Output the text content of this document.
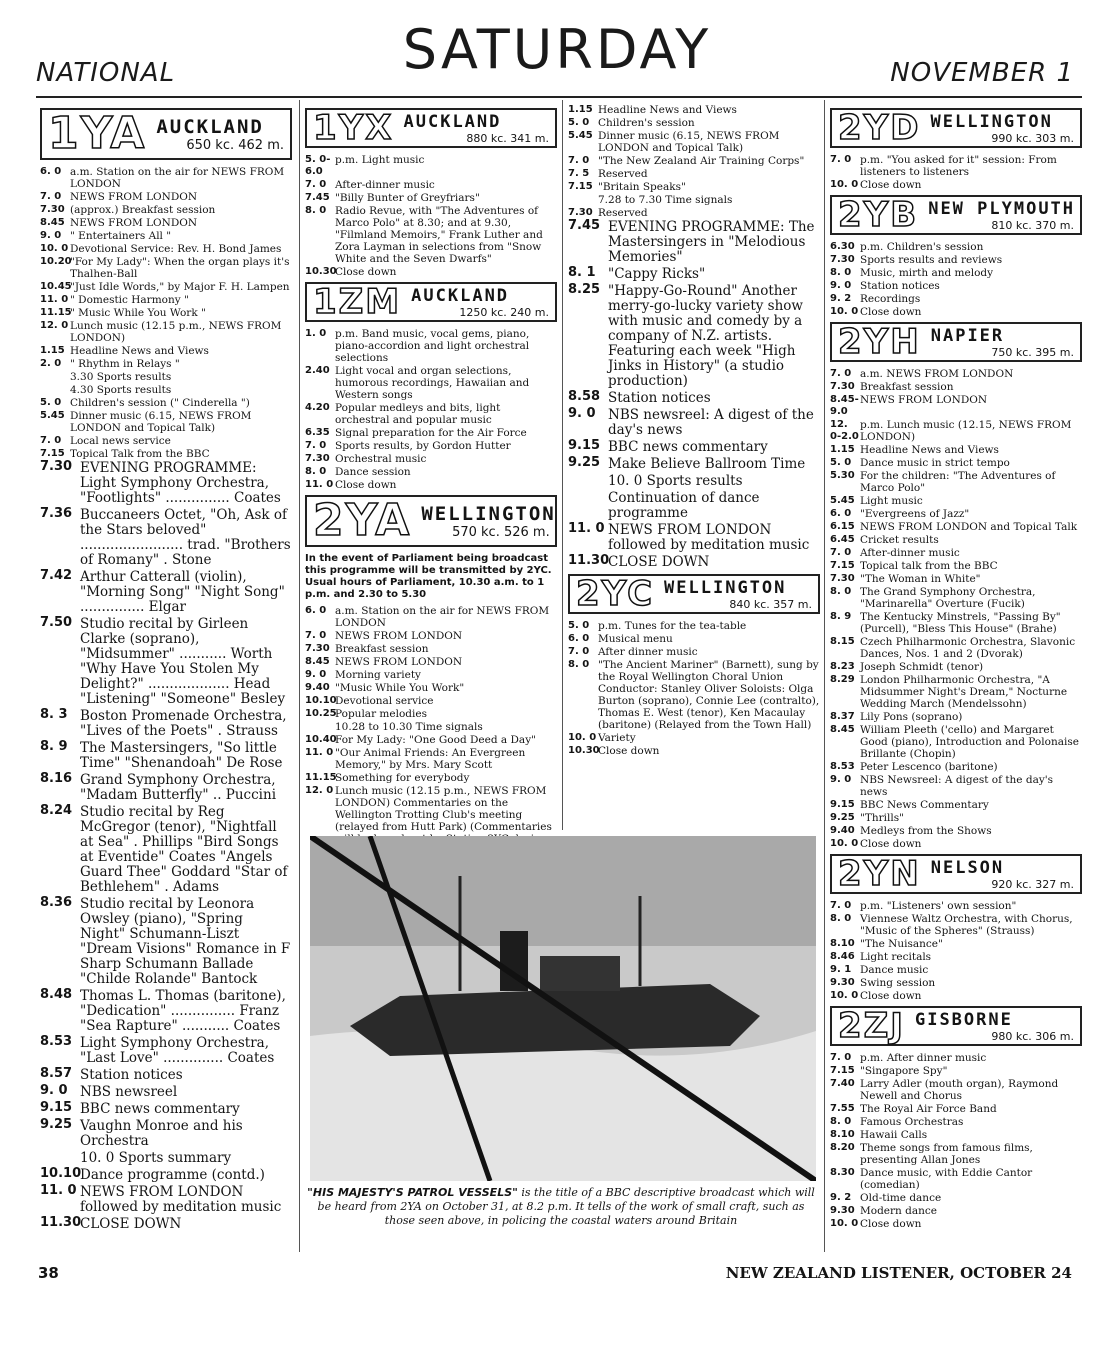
NATIONAL	SATURDAY	NOVEMBER 1
1YA AUCKLAND
650 kc. 462 m.
6. 0 a.m. Station on the air for NEWS FROM LONDON
7. 0 NEWS FROM LONDON
7.30 (approx.) Breakfast session
8.45 NEWS FROM LONDON
9. 0 " Entertainers All "
10. 0 Devotional Service: Rev. H. Bond James
10.20
"For My Lady": When the organ plays it's Thalhen-Ball
10.45
"Just Idle Words," by Major F. H. Lampen
11. 0 " Domestic Harmony "
11.15
" Music While You Work "
12. 0 Lunch music (12.15 p.m., NEWS FROM LONDON)
1.15 Headline News and Views
2. 0 " Rhythm in Relays "
3.30 Sports results
4.30 Sports results
5. 0 Children's session (" Cinderella ")
5.45 Dinner music (6.15, NEWS FROM LONDON and Topical Talk)
7. 0 Local news service
7.15 Topical Talk from the BBC
7.30 EVENING PROGRAMME: Light Symphony Orchestra, "Footlights" ............... Coates
7.36 Buccaneers Octet, "Oh, Ask of the Stars beloved" ........................ trad. "Brothers of Romany" . Stone
7.42 Arthur Catterall (violin), "Morning Song" "Night Song" ............... Elgar
7.50 Studio recital by Girleen Clarke (soprano), "Midsummer" ........... Worth "Why Have You Stolen My Delight?" ................... Head "Listening" "Someone" Besley
8. 3 Boston Promenade Orchestra, "Lives of the Poets" . Strauss
8. 9 The Mastersingers, "So little Time" "Shenandoah" De Rose
8.16 Grand Symphony Orchestra, "Madam Butterfly" .. Puccini
8.24 Studio recital by Reg McGregor (tenor), "Nightfall at Sea" . Phillips "Bird Songs at Eventide" Coates "Angels Guard Thee" Goddard "Star of Bethlehem" . Adams
8.36 Studio recital by Leonora Owsley (piano), "Spring Night" Schumann-Liszt "Dream Visions" Romance in F Sharp Schumann Ballade "Childe Rolande" Bantock
8.48 Thomas L. Thomas (baritone), "Dedication" ............... Franz "Sea Rapture" ........... Coates
8.53 Light Symphony Orchestra, "Last Love" .............. Coates
8.57 Station notices
9. 0 NBS newsreel
9.15 BBC news commentary
9.25 Vaughn Monroe and his Orchestra
10. 0 Sports summary
10.10
Dance programme (contd.)
11. 0 NEWS FROM LONDON followed by meditation music
11.30
CLOSE DOWN
1YX AUCKLAND
880 kc. 341 m.
5. 0-6.0
p.m. Light music
7. 0 After-dinner music
7.45 "Billy Bunter of Greyfriars"
8. 0 Radio Revue, with "The Adventures of Marco Polo" at 8.30; and at 9.30, "Filmland Memoirs," Frank Luther and Zora Layman in selections from "Snow White and the Seven Dwarfs"
10.30
Close down
1ZM AUCKLAND
1250 kc. 240 m.
1. 0 p.m. Band music, vocal gems, piano, piano-accordion and light orchestral selections
2.40 Light vocal and organ selections, humorous recordings, Hawaiian and Western songs
4.20 Popular medleys and bits, light orchestral and popular music
6.35 Signal preparation for the Air Force
7. 0 Sports results, by Gordon Hutter
7.30 Orchestral music
8. 0 Dance session
11. 0 Close down
2YA WELLINGTON
570 kc. 526 m.
In the event of Parliament being broadcast this programme will be transmitted by 2YC. Usual hours of Parliament, 10.30 a.m. to 1 p.m. and 2.30 to 5.30
6. 0 a.m. Station on the air for NEWS FROM LONDON
7. 0 NEWS FROM LONDON
7.30 Breakfast session
8.45 NEWS FROM LONDON
9. 0 Morning variety
9.40 "Music While You Work"
10.10
Devotional service
10.25
Popular melodies
10.28 to 10.30 Time signals
10.40
For My Lady: "One Good Deed a Day"
11. 0 "Our Animal Friends: An Evergreen Memory," by Mrs. Mary Scott
11.15
Something for everybody
12. 0 Lunch music (12.15 p.m., NEWS FROM LONDON) Commentaries on the Wellington Trotting Club's meeting (relayed from Hutt Park) (Commentaries
1.15 Headline News and Views
5. 0 Children's session
5.45 Dinner music (6.15, NEWS FROM LONDON and Topical Talk)
7. 0 "The New Zealand Air Training Corps"
7. 5 Reserved
7.15 "Britain Speaks"
7.28 to 7.30 Time signals
7.30 Reserved
7.45 EVENING PROGRAMME: The Mastersingers in "Melodious Memories"
8. 1 "Cappy Ricks"
8.25 "Happy-Go-Round" Another merry-go-lucky variety show with music and comedy by a company of N.Z. artists. Featuring each week "High Jinks in History" (a studio production)
8.58 Station notices
9. 0 NBS newsreel: A digest of the day's news
9.15 BBC news commentary
9.25 Make Believe Ballroom Time
10. 0 Sports results
Continuation of dance programme
11. 0 NEWS FROM LONDON followed by meditation music
11.30
CLOSE DOWN
2YC WELLINGTON
840 kc. 357 m.
5. 0 p.m. Tunes for the tea-table
6. 0 Musical menu
7. 0 After dinner music
8. 0 "The Ancient Mariner" (Barnett), sung by the Royal Wellington Choral Union Conductor: Stanley Oliver Soloists: Olga Burton (soprano), Connie Lee (contralto), Thomas E. West (tenor), Ken Macaulay (baritone) (Relayed from the Town Hall)
10. 0 Variety
10.30
Close down
2YD WELLINGTON
990 kc. 303 m.
7. 0 p.m. "You asked for it" session: From listeners to listeners
10. 0 Close down
2YB NEW PLYMOUTH
810 kc. 370 m.
6.30 p.m. Children's session
7.30 Sports results and reviews
8. 0 Music, mirth and melody
9. 0 Station notices
9. 2 Recordings
10. 0 Close down
2YH NAPIER
750 kc. 395 m.
7. 0 a.m. NEWS FROM LONDON
7.30 Breakfast session
8.45-9.0
NEWS FROM LONDON
12. 0-2.0
p.m. Lunch music (12.15, NEWS FROM LONDON)
1.15 Headline News and Views
5. 0 Dance music in strict tempo
5.30 For the children: "The Adventures of Marco Polo"
5.45 Light music
6. 0 "Evergreens of Jazz"
6.15 NEWS FROM LONDON and Topical Talk
6.45 Cricket results
7. 0 After-dinner music
7.15 Topical talk from the BBC
7.30 "The Woman in White"
8. 0 The Grand Symphony Orchestra, "Marinarella" Overture (Fucik)
8. 9 The Kentucky Minstrels, "Passing By" (Purcell), "Bless This House" (Brahe)
8.15 Czech Philharmonic Orchestra, Slavonic Dances, Nos. 1 and 2 (Dvorak)
8.23 Joseph Schmidt (tenor)
8.29 London Philharmonic Orchestra, "A Midsummer Night's Dream," Nocturne Wedding March (Mendelssohn)
8.37 Lily Pons (soprano)
8.45 William Pleeth ('cello) and Margaret Good (piano), Introduction and Polonaise Brillante (Chopin)
8.53 Peter Lescenco (baritone)
9. 0 NBS Newsreel: A digest of the day's news
9.15 BBC News Commentary
9.25 "Thrills"
9.40 Medleys from the Shows
10. 0 Close down
2YN NELSON
920 kc. 327 m.
7. 0 p.m. "Listeners' own session"
8. 0 Viennese Waltz Orchestra, with Chorus, "Music of the Spheres" (Strauss)
8.10 "The Nuisance"
8.46 Light recitals
9. 1 Dance music
9.30 Swing session
10. 0 Close down
2ZJ GISBORNE
980 kc. 306 m.
7. 0 p.m. After dinner music
7.15 "Singapore Spy"
7.40 Larry Adler (mouth organ), Raymond Newell and Chorus
7.55 The Royal Air Force Band
8. 0 Famous Orchestras
8.10 Hawaii Calls
8.20 Theme songs from famous films, presenting Allan Jones
8.30 Dance music, with Eddie Cantor (comedian)
9. 2 Old-time dance
9.30 Modern dance
10. 0 Close down
"HIS MAJESTY'S PATROL VESSELS" is the title of a BBC descriptive broadcast which will be heard from 2YA on October 31, at 8.2 p.m. It tells of the work of small craft, such as those seen above, in policing the coastal waters around Britain
38	NEW ZEALAND LISTENER, OCTOBER 24
